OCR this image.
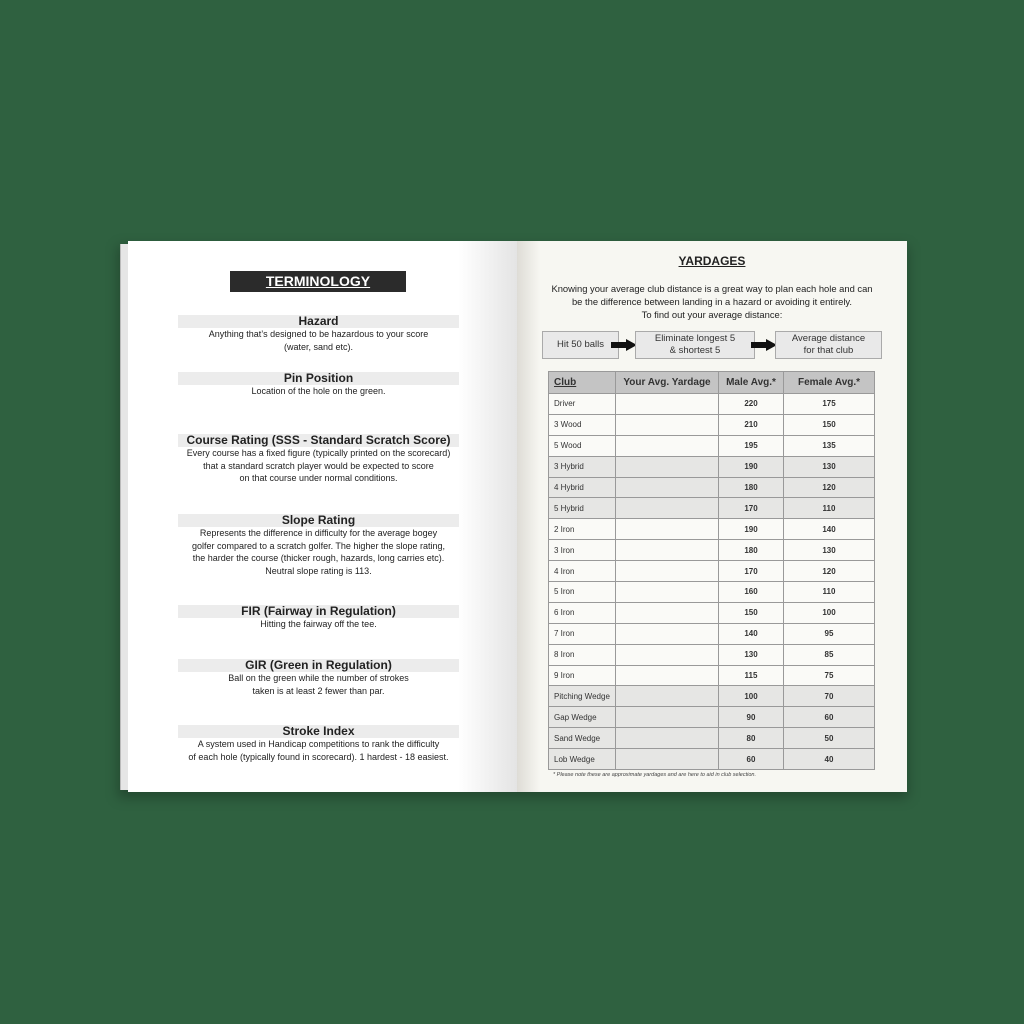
TERMINOLOGY
Hazard
Anything that’s designed to be hazardous to your score
(water, sand etc).
Pin Position
Location of the hole on the green.
Course Rating (SSS - Standard Scratch Score)
Every course has a fixed figure (typically printed on the scorecard)
that a standard scratch player would be expected to score
on that course under normal conditions.
Slope Rating
Represents the difference in difficulty for the average bogey
golfer compared to a scratch golfer. The higher the slope rating,
the harder the course (thicker rough, hazards, long carries etc).
Neutral slope rating is 113.
FIR (Fairway in Regulation)
Hitting the fairway off the tee.
GIR (Green in Regulation)
Ball on the green while the number of strokes
taken is at least 2 fewer than par.
Stroke Index
A system used in Handicap competitions to rank the difficulty
of each hole (typically found in scorecard). 1 hardest - 18 easiest.
YARDAGES
Knowing your average club distance is a great way to plan each hole and can
be the difference between landing in a hazard or avoiding it entirely.
To find out your average distance:
Hit 50 balls
Eliminate longest 5
& shortest 5
Average distance
for that club
Club	Your Avg. Yardage	Male Avg.*	Female Avg.*
Driver		220	175
3 Wood		210	150
5 Wood		195	135
3 Hybrid		190	130
4 Hybrid		180	120
5 Hybrid		170	110
2 Iron		190	140
3 Iron		180	130
4 Iron		170	120
5 Iron		160	110
6 Iron		150	100
7 Iron		140	95
8 Iron		130	85
9 Iron		115	75
Pitching Wedge		100	70
Gap Wedge		90	60
Sand Wedge		80	50
Lob Wedge		60	40
* Please note these are approximate yardages and are here to aid in club selection.
